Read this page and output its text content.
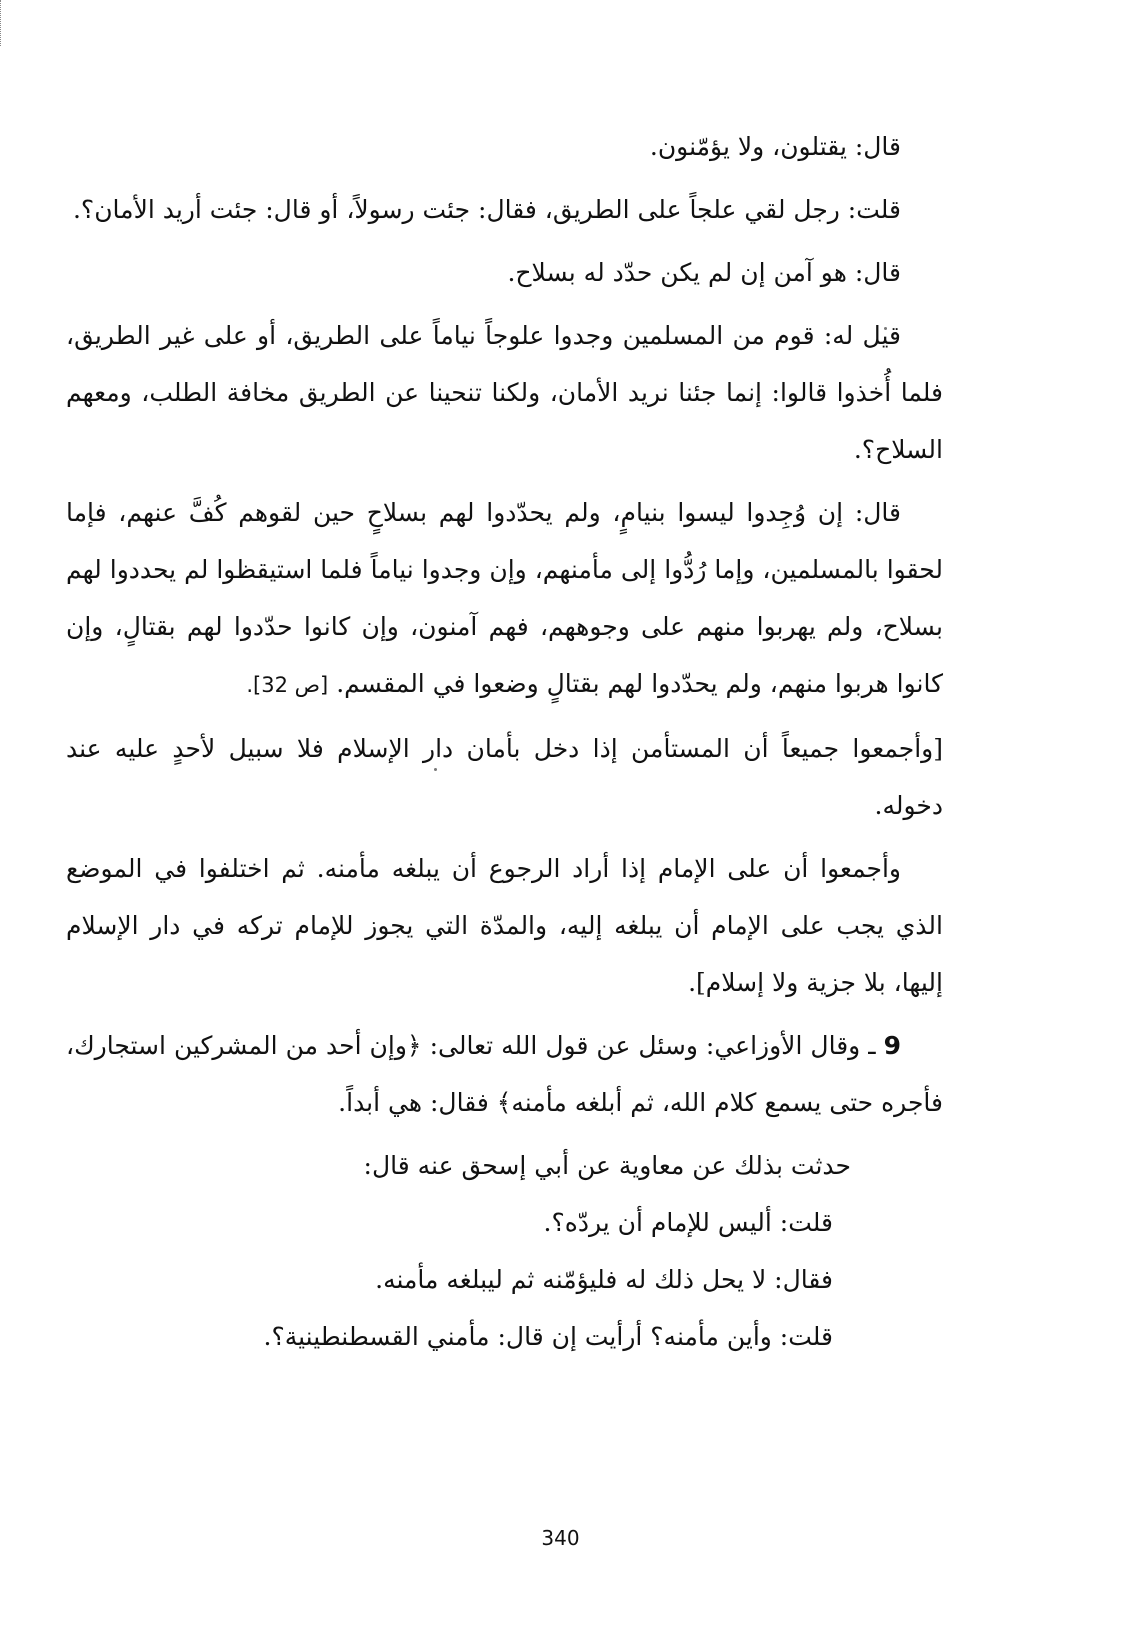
قال: يقتلون، ولا يؤمّنون.

قلت: رجل لقي علجاً على الطريق، فقال: جئت رسولاً، أو قال: جئت أريد الأمان؟.

قال: هو آمن إن لم يكن حدّد له بسلاح.

قيل له: قوم من المسلمين وجدوا علوجاً نياماً على الطريق، أو على غير الطريق، فلما أُخذوا قالوا: إنما جئنا نريد الأمان، ولكنا تنحينا عن الطريق مخافة الطلب، ومعهم السلاح؟.

قال: إن وُجِدوا ليسوا بنيامٍ، ولم يحدّدوا لهم بسلاحٍ حين لقوهم كُفَّ عنهم، فإما لحقوا بالمسلمين، وإما رُدُّوا إلى مأمنهم، وإن وجدوا نياماً فلما استيقظوا لم يحددوا لهم بسلاح، ولم يهربوا منهم على وجوههم، فهم آمنون، وإن كانوا حدّدوا لهم بقتالٍ، وإن كانوا هربوا منهم، ولم يحدّدوا لهم بقتالٍ وضعوا في المقسم. [ص 32].

[وأجمعوا جميعاً أن المستأمن إذا دخل بأمان دار الإسلام فلا سبيل لأحدٍ عليه عند دخوله.

وأجمعوا أن على الإمام إذا أراد الرجوع أن يبلغه مأمنه. ثم اختلفوا في الموضع الذي يجب على الإمام أن يبلغه إليه، والمدّة التي يجوز للإمام تركه في دار الإسلام إليها، بلا جزية ولا إسلام].

9 ـ وقال الأوزاعي: وسئل عن قول الله تعالى: ﴿وإن أحد من المشركين استجارك، فأجره حتى يسمع كلام الله، ثم أبلغه مأمنه﴾ فقال: هي أبداً.

حدثت بذلك عن معاوية عن أبي إسحق عنه قال:

قلت: أليس للإمام أن يردّه؟.

فقال: لا يحل ذلك له فليؤمّنه ثم ليبلغه مأمنه.

قلت: وأين مأمنه؟ أرأيت إن قال: مأمني القسطنطينية؟.

340
